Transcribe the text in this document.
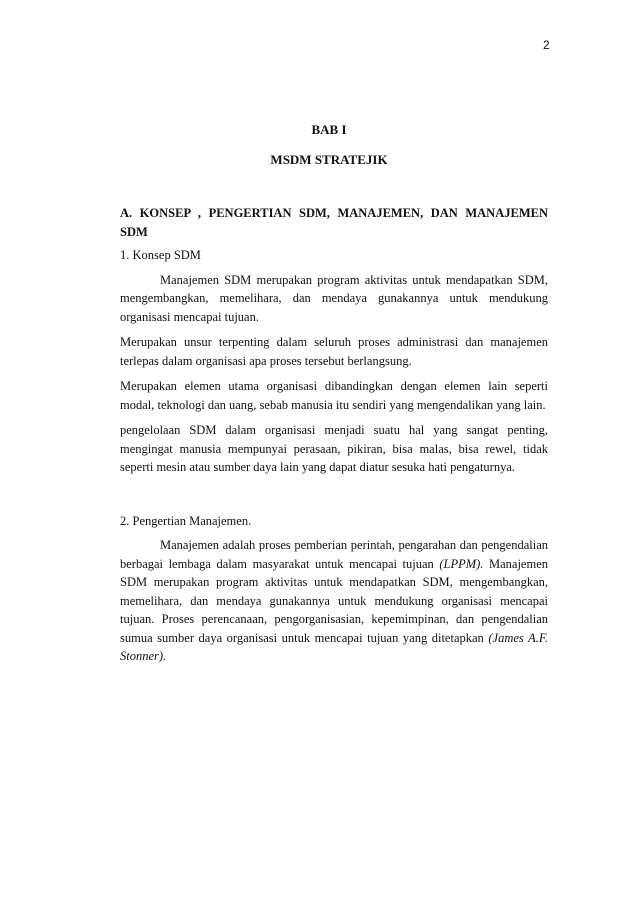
2
BAB I
MSDM STRATEJIK

A. KONSEP , PENGERTIAN SDM, MANAJEMEN, DAN MANAJEMEN

SDM

1. Konsep SDM

Manajemen SDM merupakan program aktivitas untuk mendapatkan SDM, mengembangkan, memelihara, dan mendaya gunakannya untuk mendukung organisasi mencapai tujuan.

Merupakan unsur terpenting dalam seluruh proses administrasi dan manajemen terlepas dalam organisasi apa proses tersebut berlangsung.

Merupakan elemen utama organisasi dibandingkan dengan elemen lain seperti modal, teknologi dan uang, sebab manusia itu sendiri yang mengendalikan yang lain.

pengelolaan SDM dalam organisasi menjadi suatu hal yang sangat penting, mengingat manusia mempunyai perasaan, pikiran, bisa malas, bisa rewel, tidak seperti mesin atau sumber daya lain yang dapat diatur sesuka hati pengaturnya.

2. Pengertian Manajemen.

Manajemen adalah proses pemberian perintah, pengarahan dan pengendalian berbagai lembaga dalam masyarakat untuk mencapai tujuan (LPPM). Manajemen SDM merupakan program aktivitas untuk mendapatkan SDM, mengembangkan, memelihara, dan mendaya gunakannya untuk mendukung organisasi mencapai tujuan. Proses perencanaan, pengorganisasian, kepemimpinan, dan pengendalian sumua sumber daya organisasi untuk mencapai tujuan yang ditetapkan (James A.F. Stonner).
